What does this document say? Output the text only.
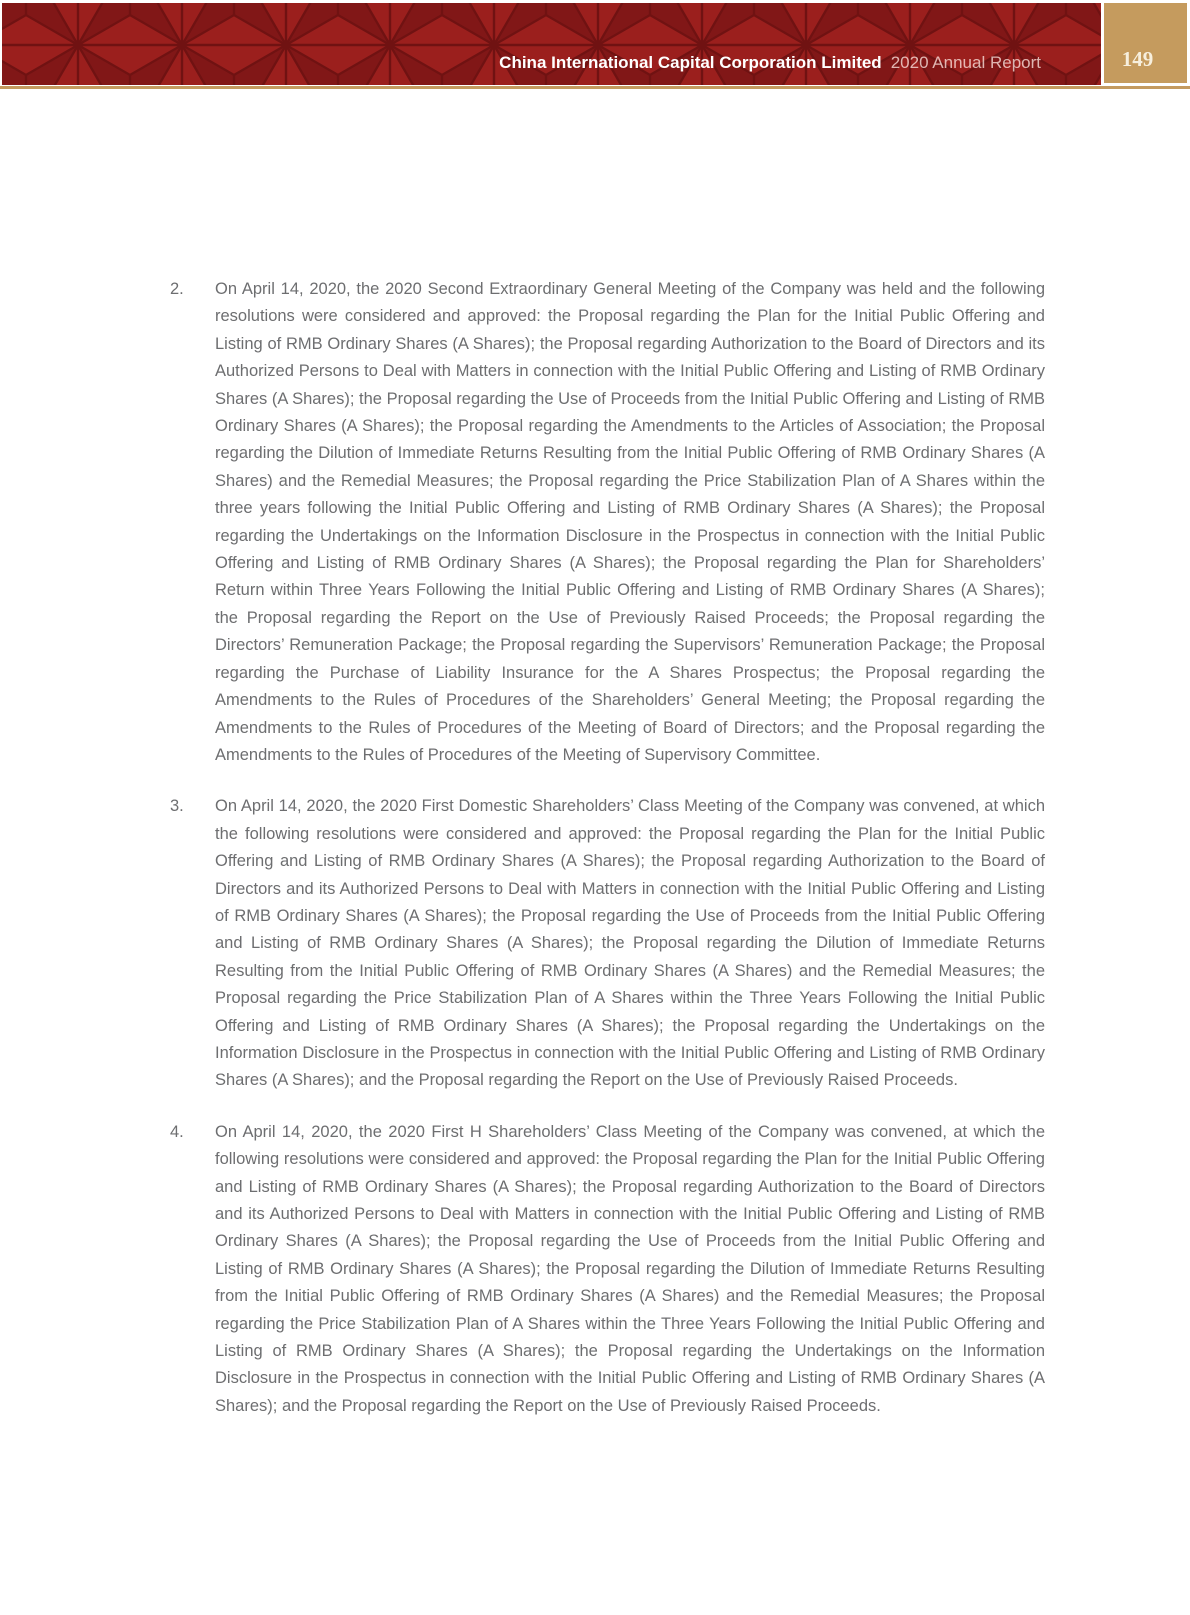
China International Capital Corporation Limited 2020 Annual Report	149
2.	On April 14, 2020, the 2020 Second Extraordinary General Meeting of the Company was held and the following resolutions were considered and approved: the Proposal regarding the Plan for the Initial Public Offering and Listing of RMB Ordinary Shares (A Shares); the Proposal regarding Authorization to the Board of Directors and its Authorized Persons to Deal with Matters in connection with the Initial Public Offering and Listing of RMB Ordinary Shares (A Shares); the Proposal regarding the Use of Proceeds from the Initial Public Offering and Listing of RMB Ordinary Shares (A Shares); the Proposal regarding the Amendments to the Articles of Association; the Proposal regarding the Dilution of Immediate Returns Resulting from the Initial Public Offering of RMB Ordinary Shares (A Shares) and the Remedial Measures; the Proposal regarding the Price Stabilization Plan of A Shares within the three years following the Initial Public Offering and Listing of RMB Ordinary Shares (A Shares); the Proposal regarding the Undertakings on the Information Disclosure in the Prospectus in connection with the Initial Public Offering and Listing of RMB Ordinary Shares (A Shares); the Proposal regarding the Plan for Shareholders’ Return within Three Years Following the Initial Public Offering and Listing of RMB Ordinary Shares (A Shares); the Proposal regarding the Report on the Use of Previously Raised Proceeds; the Proposal regarding the Directors’ Remuneration Package; the Proposal regarding the Supervisors’ Remuneration Package; the Proposal regarding the Purchase of Liability Insurance for the A Shares Prospectus; the Proposal regarding the Amendments to the Rules of Procedures of the Shareholders’ General Meeting; the Proposal regarding the Amendments to the Rules of Procedures of the Meeting of Board of Directors; and the Proposal regarding the Amendments to the Rules of Procedures of the Meeting of Supervisory Committee.
3.	On April 14, 2020, the 2020 First Domestic Shareholders’ Class Meeting of the Company was convened, at which the following resolutions were considered and approved: the Proposal regarding the Plan for the Initial Public Offering and Listing of RMB Ordinary Shares (A Shares); the Proposal regarding Authorization to the Board of Directors and its Authorized Persons to Deal with Matters in connection with the Initial Public Offering and Listing of RMB Ordinary Shares (A Shares); the Proposal regarding the Use of Proceeds from the Initial Public Offering and Listing of RMB Ordinary Shares (A Shares); the Proposal regarding the Dilution of Immediate Returns Resulting from the Initial Public Offering of RMB Ordinary Shares (A Shares) and the Remedial Measures; the Proposal regarding the Price Stabilization Plan of A Shares within the Three Years Following the Initial Public Offering and Listing of RMB Ordinary Shares (A Shares); the Proposal regarding the Undertakings on the Information Disclosure in the Prospectus in connection with the Initial Public Offering and Listing of RMB Ordinary Shares (A Shares); and the Proposal regarding the Report on the Use of Previously Raised Proceeds.
4.	On April 14, 2020, the 2020 First H Shareholders’ Class Meeting of the Company was convened, at which the following resolutions were considered and approved: the Proposal regarding the Plan for the Initial Public Offering and Listing of RMB Ordinary Shares (A Shares); the Proposal regarding Authorization to the Board of Directors and its Authorized Persons to Deal with Matters in connection with the Initial Public Offering and Listing of RMB Ordinary Shares (A Shares); the Proposal regarding the Use of Proceeds from the Initial Public Offering and Listing of RMB Ordinary Shares (A Shares); the Proposal regarding the Dilution of Immediate Returns Resulting from the Initial Public Offering of RMB Ordinary Shares (A Shares) and the Remedial Measures; the Proposal regarding the Price Stabilization Plan of A Shares within the Three Years Following the Initial Public Offering and Listing of RMB Ordinary Shares (A Shares); the Proposal regarding the Undertakings on the Information Disclosure in the Prospectus in connection with the Initial Public Offering and Listing of RMB Ordinary Shares (A Shares); and the Proposal regarding the Report on the Use of Previously Raised Proceeds.
